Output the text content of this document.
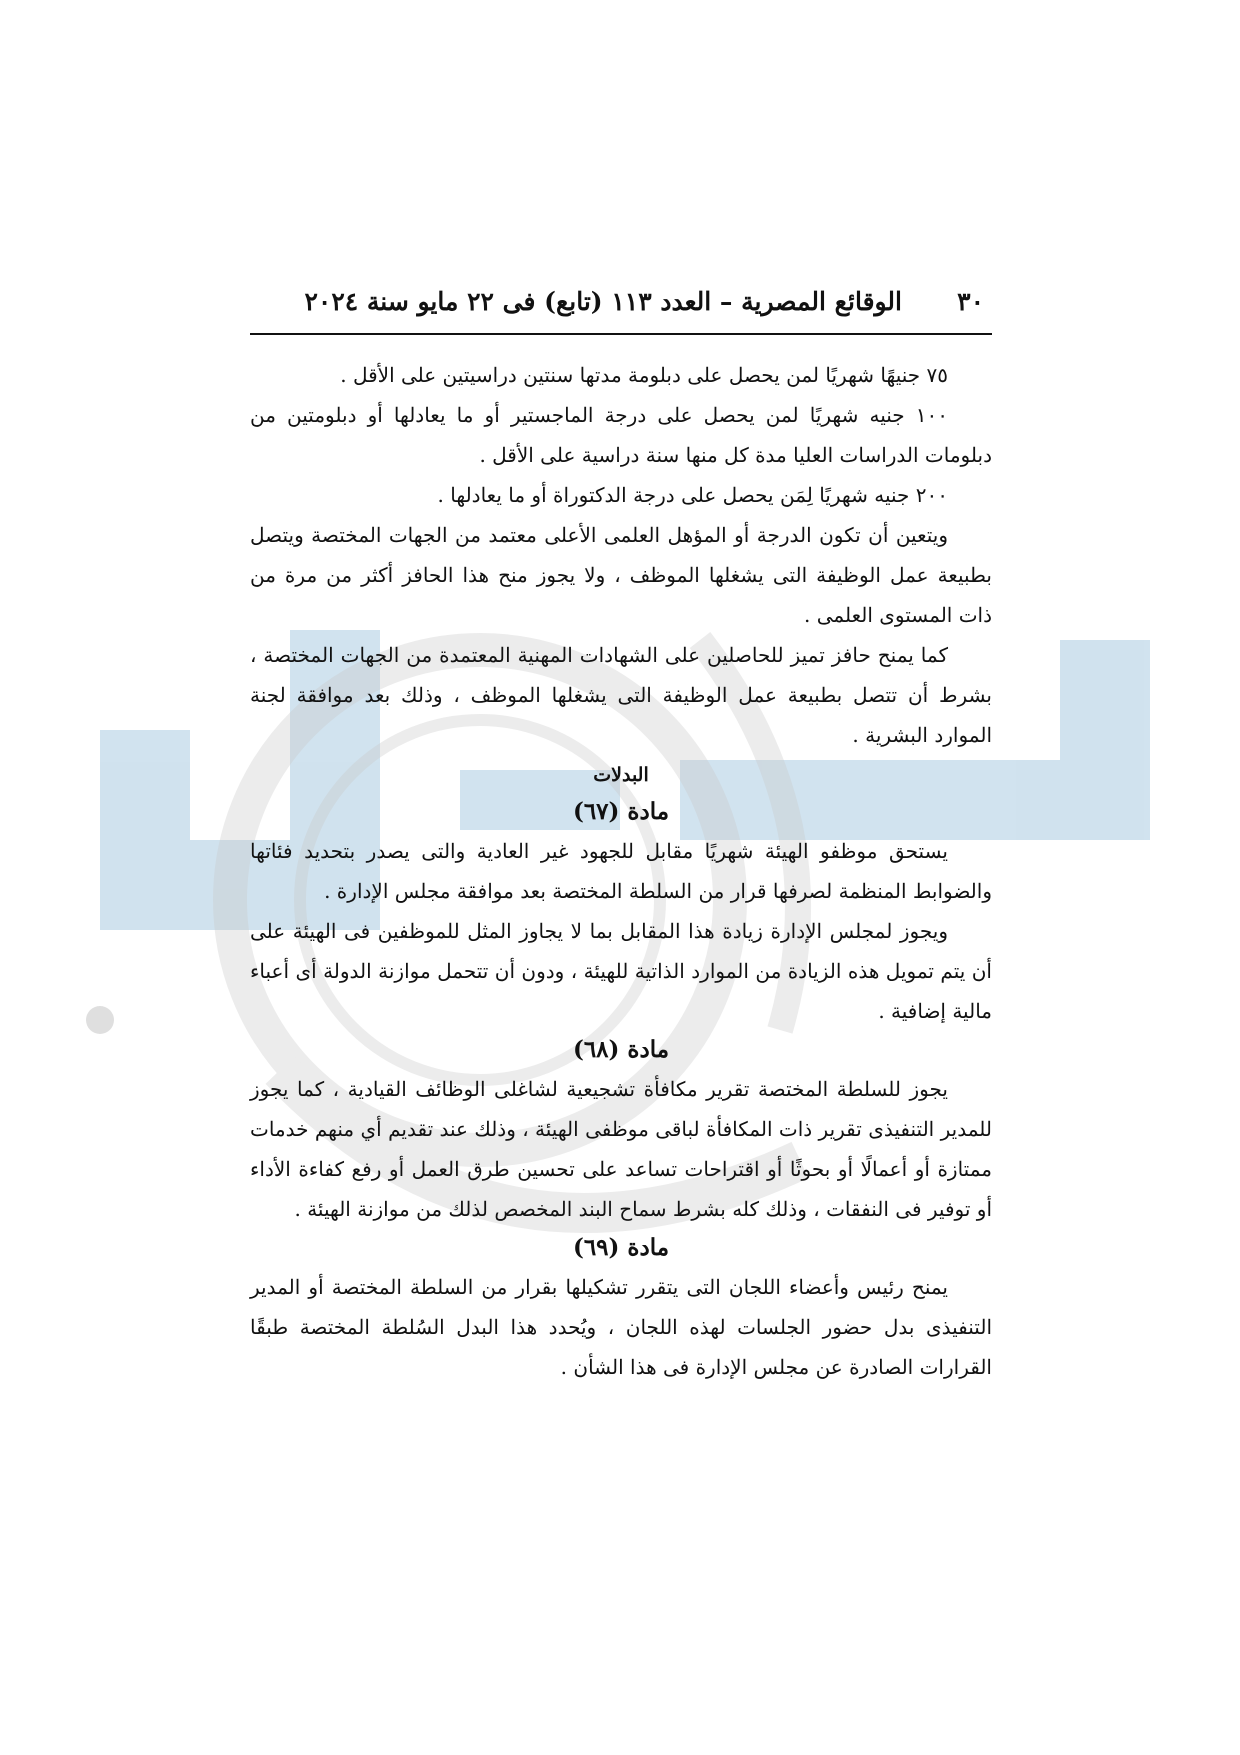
٣٠
الوقائع المصرية – العدد ١١٣ (تابع) فى ٢٢ مايو سنة ٢٠٢٤

٧٥ جنيهًا شهريًا لمن يحصل على دبلومة مدتها سنتين دراسيتين على الأقل .

١٠٠ جنيه شهريًا لمن يحصل على درجة الماجستير أو ما يعادلها أو دبلومتين من دبلومات الدراسات العليا مدة كل منها سنة دراسية على الأقل .

٢٠٠ جنيه شهريًا لِمَن يحصل على درجة الدكتوراة أو ما يعادلها .

ويتعين أن تكون الدرجة أو المؤهل العلمى الأعلى معتمد من الجهات المختصة ويتصل بطبيعة عمل الوظيفة التى يشغلها الموظف ، ولا يجوز منح هذا الحافز أكثر من مرة من ذات المستوى العلمى .

كما يمنح حافز تميز للحاصلين على الشهادات المهنية المعتمدة من الجهات المختصة ، بشرط أن تتصل بطبيعة عمل الوظيفة التى يشغلها الموظف ، وذلك بعد موافقة لجنة الموارد البشرية .

البدلات
مادة (٦٧)

يستحق موظفو الهيئة شهريًا مقابل للجهود غير العادية والتى يصدر بتحديد فئاتها والضوابط المنظمة لصرفها قرار من السلطة المختصة بعد موافقة مجلس الإدارة .

ويجوز لمجلس الإدارة زيادة هذا المقابل بما لا يجاوز المثل للموظفين فى الهيئة على أن يتم تمويل هذه الزيادة من الموارد الذاتية للهيئة ، ودون أن تتحمل موازنة الدولة أى أعباء مالية إضافية .

مادة (٦٨)

يجوز للسلطة المختصة تقرير مكافأة تشجيعية لشاغلى الوظائف القيادية ، كما يجوز للمدير التنفيذى تقرير ذات المكافأة لباقى موظفى الهيئة ، وذلك عند تقديم أي منهم خدمات ممتازة أو أعمالًا أو بحوثًا أو اقتراحات تساعد على تحسين طرق العمل أو رفع كفاءة الأداء أو توفير فى النفقات ، وذلك كله بشرط سماح البند المخصص لذلك من موازنة الهيئة .

مادة (٦٩)

يمنح رئيس وأعضاء اللجان التى يتقرر تشكيلها بقرار من السلطة المختصة أو المدير التنفيذى بدل حضور الجلسات لهذه اللجان ، ويُحدد هذا البدل السُلطة المختصة طبقًا القرارات الصادرة عن مجلس الإدارة فى هذا الشأن .
